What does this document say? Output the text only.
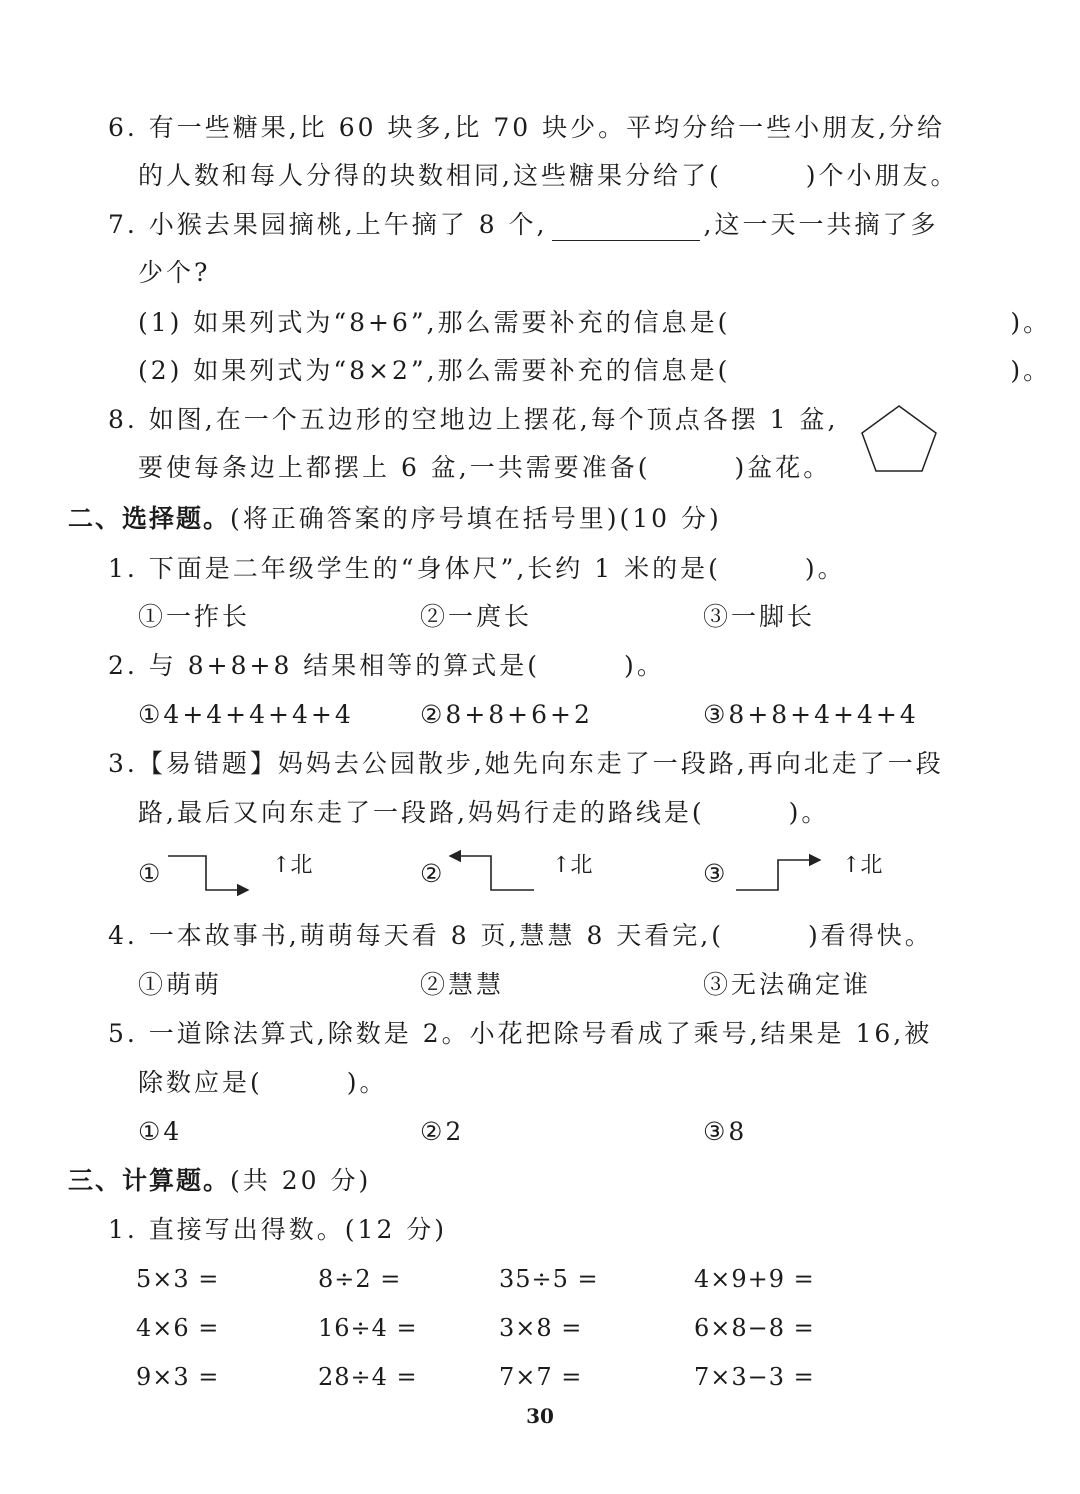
6. 有一些糖果,比 60 块多,比 70 块少。平均分给一些小朋友,分给
的人数和每人分得的块数相同,这些糖果分给了(　　　)个小朋友。
7. 小猴去果园摘桃,上午摘了 8 个,	,这一天一共摘了多
少个?
(1) 如果列式为“8+6”,那么需要补充的信息是(　　　　　　　　　　)。
(2) 如果列式为“8×2”,那么需要补充的信息是(　　　　　　　　　　)。
8. 如图,在一个五边形的空地边上摆花,每个顶点各摆 1 盆,
要使每条边上都摆上 6 盆,一共需要准备(　　　)盆花。
二、选择题。(将正确答案的序号填在括号里)(10 分)
1. 下面是二年级学生的“身体尺”,长约 1 米的是(　　　)。
①一拃长	②一庹长	③一脚长
2. 与 8+8+8 结果相等的算式是(　　　)。
①4+4+4+4+4	②8+8+6+2	③8+8+4+4+4
3.【易错题】妈妈去公园散步,她先向东走了一段路,再向北走了一段
路,最后又向东走了一段路,妈妈行走的路线是(　　　)。
①	↑北	②	↑北	③	↑北
4. 一本故事书,萌萌每天看 8 页,慧慧 8 天看完,(　　　)看得快。
①萌萌	②慧慧	③无法确定谁
5. 一道除法算式,除数是 2。小花把除号看成了乘号,结果是 16,被
除数应是(　　　)。
①4	②2	③8
三、计算题。(共 20 分)
1. 直接写出得数。(12 分)
5×3 =	8÷2 =	35÷5 =	4×9+9 =
4×6 =	16÷4 =	3×8 =	6×8−8 =
9×3 =	28÷4 =	7×7 =	7×3−3 =
30
